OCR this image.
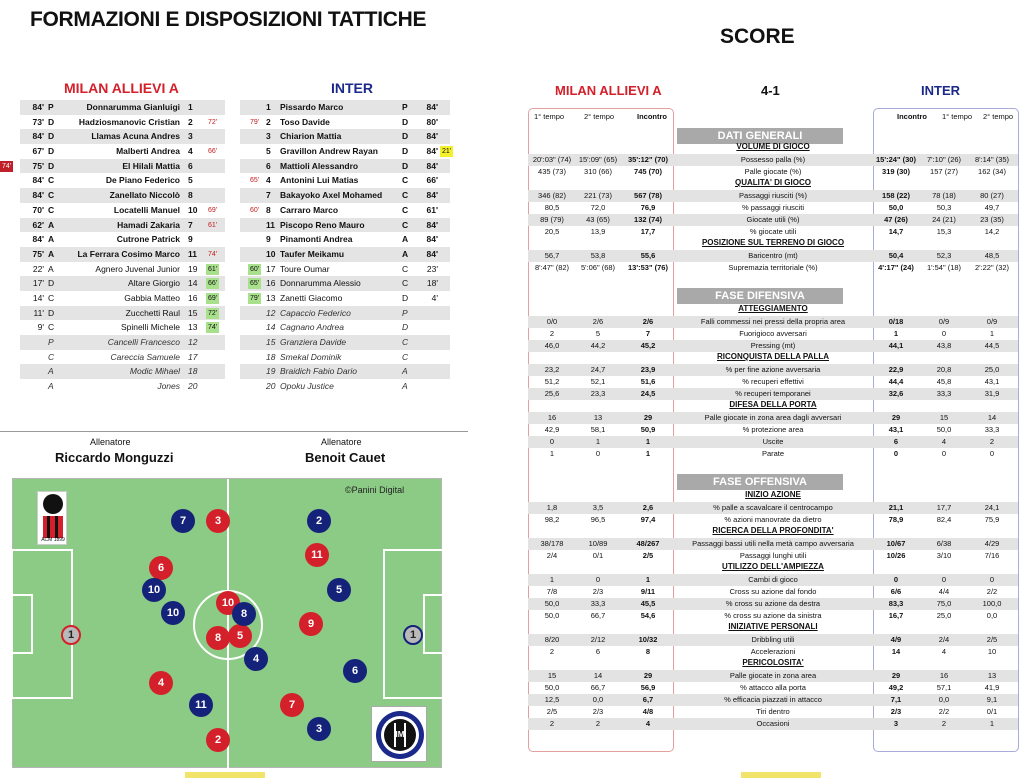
FORMAZIONI E DISPOSIZIONI TATTICHE
SCORE
MILAN ALLIEVI A	INTER
84' P	Donnarumma Gianluigi 1
73' D	Hadziosmanovic Cristian 2 72'
84' D	Llamas Acuna Andres 3
67' D	Malberti Andrea 4 66'
75' D	El Hilali Mattia 6
74'
84' C	De Piano Federico 5
84' C	Zanellato Niccolò 8
70' C	Locatelli Manuel 10 69'
62' A	Hamadi Zakaria 7 61'
84' A	Cutrone Patrick 9
75' A	La Ferrara Cosimo Marco 11 74'
22' A	Agnero Juvenal Junior 19 61'
17' D	Altare Giorgio 14 66'
14' C	Gabbia Matteo 16 69'
11' D	Zucchetti Raul 15 72'
9' C	Spinelli Michele 13 74'
P	Cancelli Francesco 12
C	Careccia Samuele 17
A	Modic Mihael 18
A	Jones 20
1 Pissardo Marco	P	84'
79' 2 Toso Davide	D	80'
3 Chiarion Mattia	D	84'
5 Gravillon Andrew Rayan	D	84' 21'
6 Mattioli Alessandro	D	84'
65' 4 Antonini Lui Matias	C	66'
7 Bakayoko Axel Mohamed C	84'
60' 8 Carraro Marco	C	61'
11 Piscopo Reno Mauro	C	84'
9 Pinamonti Andrea	A	84'
10 Taufer Meikamu	A	84'
60' 17 Toure Oumar	C	23'
65' 16 Donnarumma Alessio	C	18'
79' 13 Zanetti Giacomo	D	4'
12 Capaccio Federico	P
14 Cagnano Andrea	D
15 Granziera Davide	C
18 Smekal Dominik	C
19 Braidich Fabio Dario	A
20 Opoku Justice	A
Allenatore
Riccardo Monguzzi
Allenatore
Benoit Cauet
©Panini Digital
ACM 1899
IM
1	1
3
6
10
8	5
9
11
4
7
2
7	2
10
10	8
5
4
6
11
3
MILAN ALLIEVI A	4-1	INTER
1° tempo	2° tempo	Incontro	Incontro 1° tempo 2° tempo
DATI GENERALI
VOLUME DI GIOCO
20':03" (74)	15':09" (65)	35':12" (70)	Possesso palla (%)	15':24" (30)	7':10" (26)	8':14" (35)
435 (73)	310 (66)	745 (70)	Palle giocate (%)	319 (30)	157 (27)	162 (34)
QUALITA' DI GIOCO
346 (82)	221 (73)	567 (78)	Passaggi riusciti (%)	158 (22)	78 (18)	80 (27)
80,5	72,0	76,9	% passaggi riusciti	50,0	50,3	49,7
89 (79)	43 (65)	132 (74)	Giocate utili (%)	47 (26)	24 (21)	23 (35)
20,5	13,9	17,7	% giocate utili	14,7	15,3	14,2
POSIZIONE SUL TERRENO DI GIOCO
56,7	53,8	55,6	Baricentro (mt)	50,4	52,3	48,5
8':47" (82)	5':06" (68)	13':53" (76)	Supremazia territoriale (%)	4':17" (24)	1':54" (18)	2':22" (32)
FASE DIFENSIVA
ATTEGGIAMENTO
0/0	2/6	2/6	Falli commessi nei pressi della propria area	0/18	0/9	0/9
2	5	7	Fuorigioco avversari	1	0	1
46,0	44,2	45,2	Pressing (mt)	44,1	43,8	44,5
RICONQUISTA DELLA PALLA
23,2	24,7	23,9	% per fine azione avversaria	22,9	20,8	25,0
51,2	52,1	51,6	% recuperi effettivi	44,4	45,8	43,1
25,6	23,3	24,5	% recuperi temporanei	32,6	33,3	31,9
DIFESA DELLA PORTA
16	13	29	Palle giocate in zona area dagli avversari	29	15	14
42,9	58,1	50,9	% protezione area	43,1	50,0	33,3
0	1	1	Uscite	6	4	2
1	0	1	Parate	0	0	0
FASE OFFENSIVA
INIZIO AZIONE
1,8	3,5	2,6	% palle a scavalcare il centrocampo	21,1	17,7	24,1
98,2	96,5	97,4	% azioni manovrate da dietro	78,9	82,4	75,9
RICERCA DELLA PROFONDITA'
38/178	10/89	48/267	Passaggi bassi utili nella metà campo avversaria	10/67	6/38	4/29
2/4	0/1	2/5	Passaggi lunghi utili	10/26	3/10	7/16
UTILIZZO DELL'AMPIEZZA
1	0	1	Cambi di gioco	0	0	0
7/8	2/3	9/11	Cross su azione dal fondo	6/6	4/4	2/2
50,0	33,3	45,5	% cross su azione da destra	83,3	75,0	100,0
50,0	66,7	54,6	% cross su azione da sinistra	16,7	25,0	0,0
INIZIATIVE PERSONALI
8/20	2/12	10/32	Dribbling utili	4/9	2/4	2/5
2	6	8	Accelerazioni	14	4	10
PERICOLOSITA'
15	14	29	Palle giocate in zona area	29	16	13
50,0	66,7	56,9	% attacco alla porta	49,2	57,1	41,9
12,5	0,0	6,7	% efficacia piazzati in attacco	7,1	0,0	9,1
2/5	2/3	4/8	Tiri dentro	2/3	2/2	0/1
2	2	4	Occasioni	3	2	1
